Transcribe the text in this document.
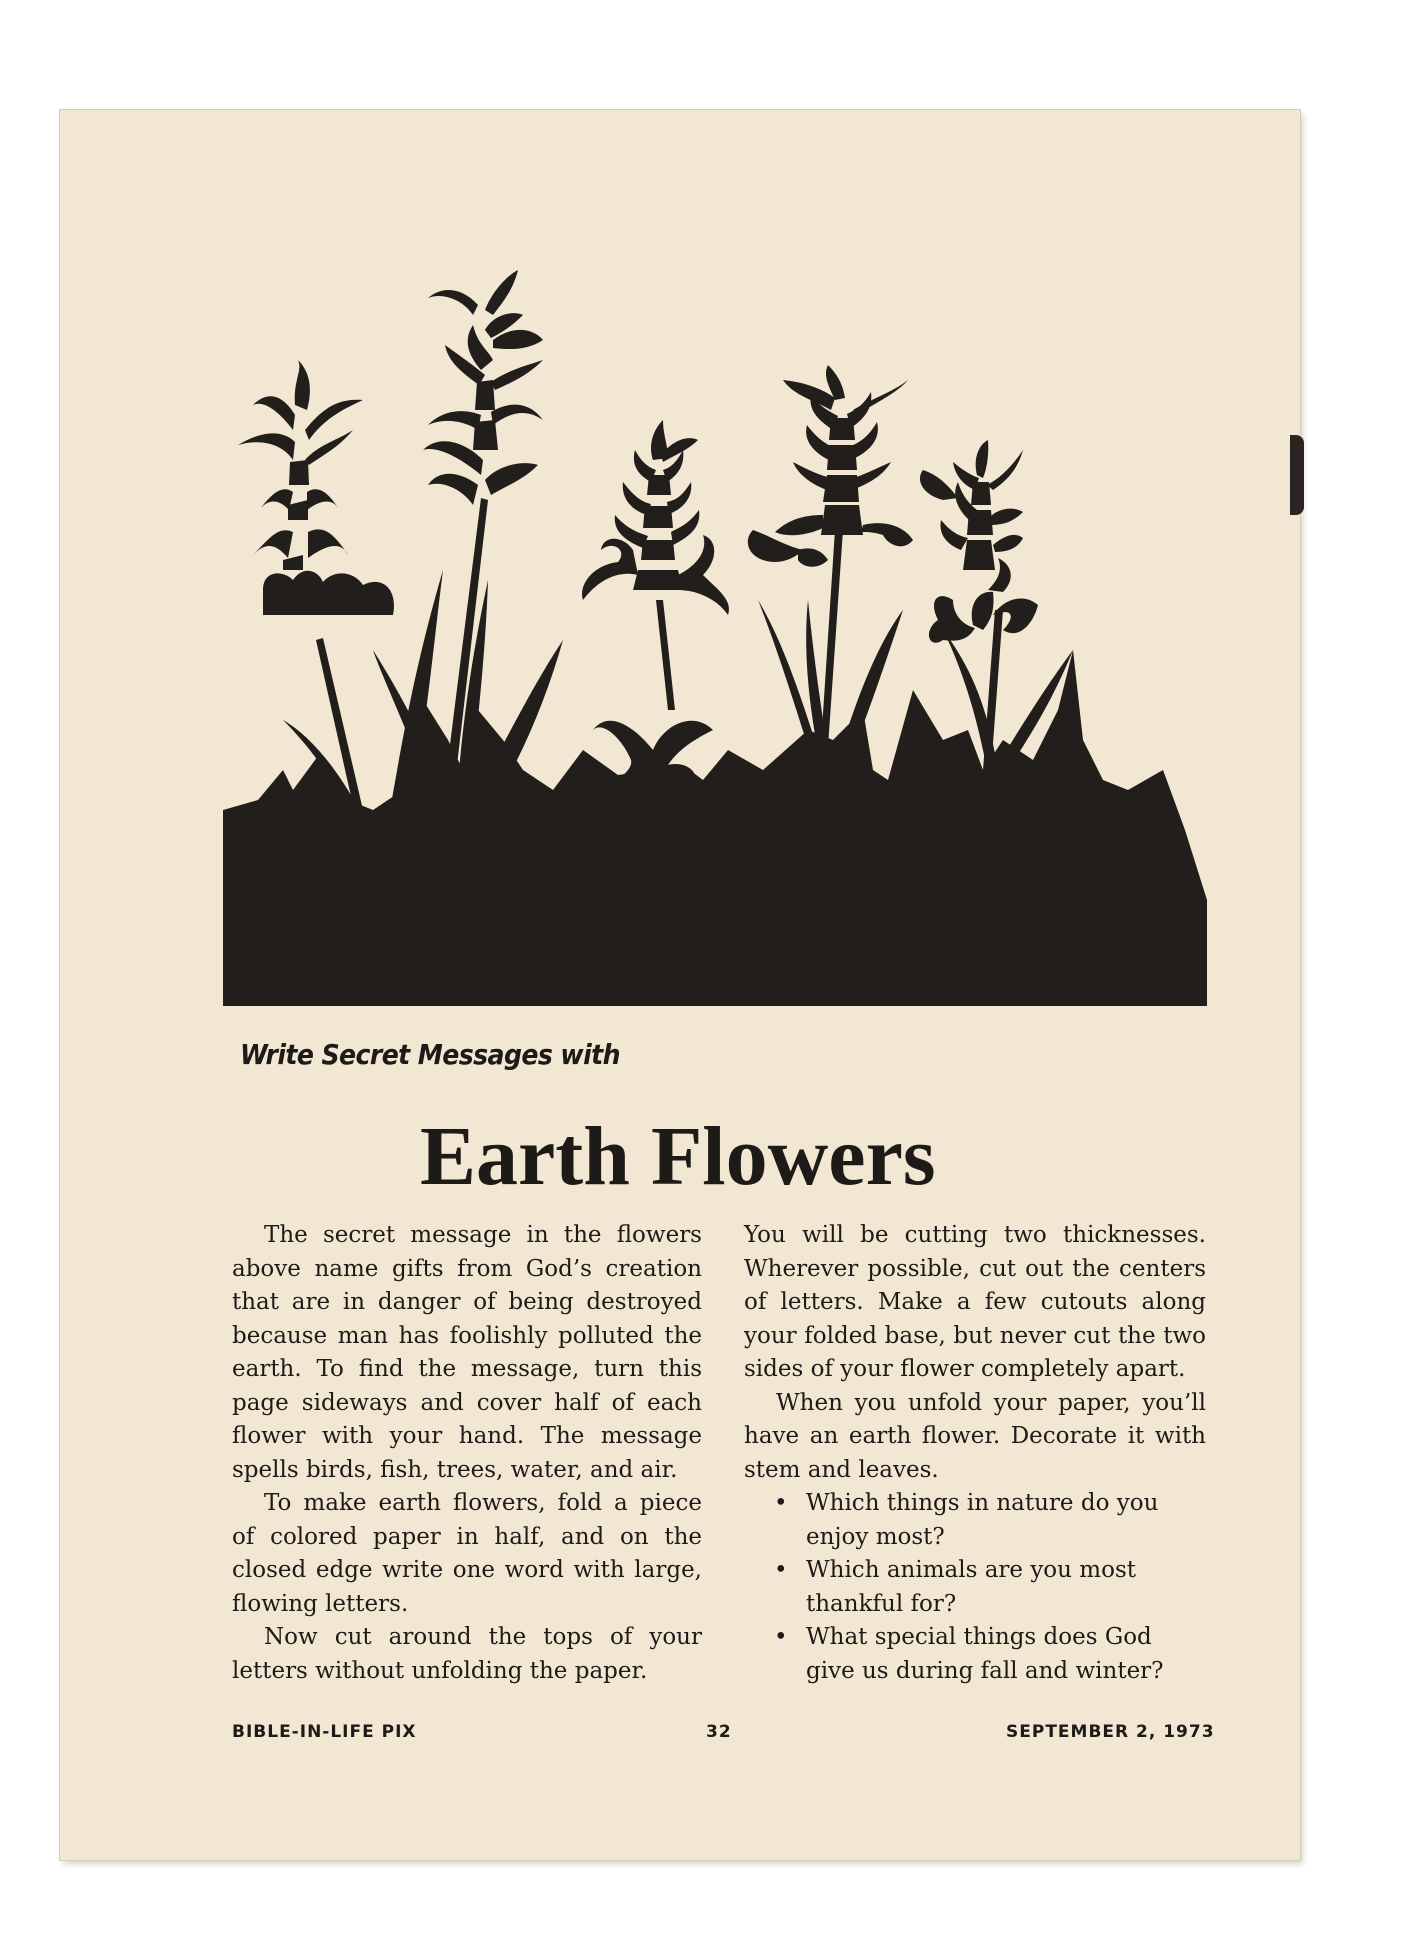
Write Secret Messages with

Earth Flowers

The secret message in the flowers above name gifts from God’s creation that are in danger of being destroyed because man has foolishly polluted the earth. To find the message, turn this page sideways and cover half of each flower with your hand. The message spells birds, fish, trees, water, and air.

To make earth flowers, fold a piece of colored paper in half, and on the closed edge write one word with large, flowing letters.

Now cut around the tops of your letters without unfolding the paper.

You will be cutting two thicknesses. Wherever possible, cut out the centers of letters. Make a few cutouts along your folded base, but never cut the two sides of your flower completely apart.

When you unfold your paper, you’ll have an earth flower. Decorate it with stem and leaves.

• Which things in nature do you enjoy most?
• Which animals are you most thankful for?
• What special things does God give us during fall and winter?

BIBLE-IN-LIFE PIX	32	SEPTEMBER 2, 1973
